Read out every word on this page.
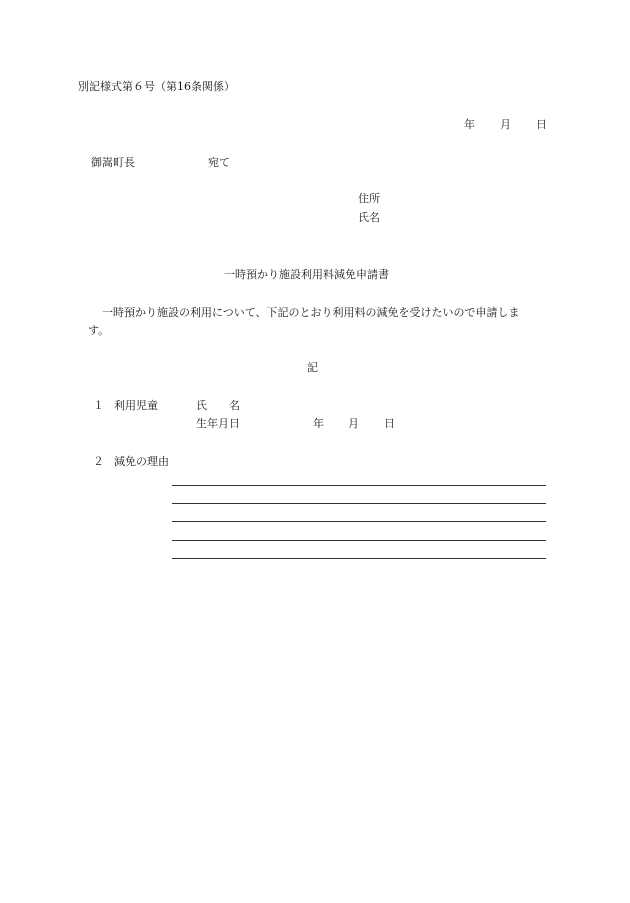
別記様式第６号（第16条関係）
年 月 日
御嵩町長	宛て
住所
氏名
一時預かり施設利用料減免申請書
一時預かり施設の利用について、下記のとおり利用料の減免を受けたいので申請しま
す。
記
１ 利用児童	氏　　名
生年月日	年 月 日
２ 減免の理由
